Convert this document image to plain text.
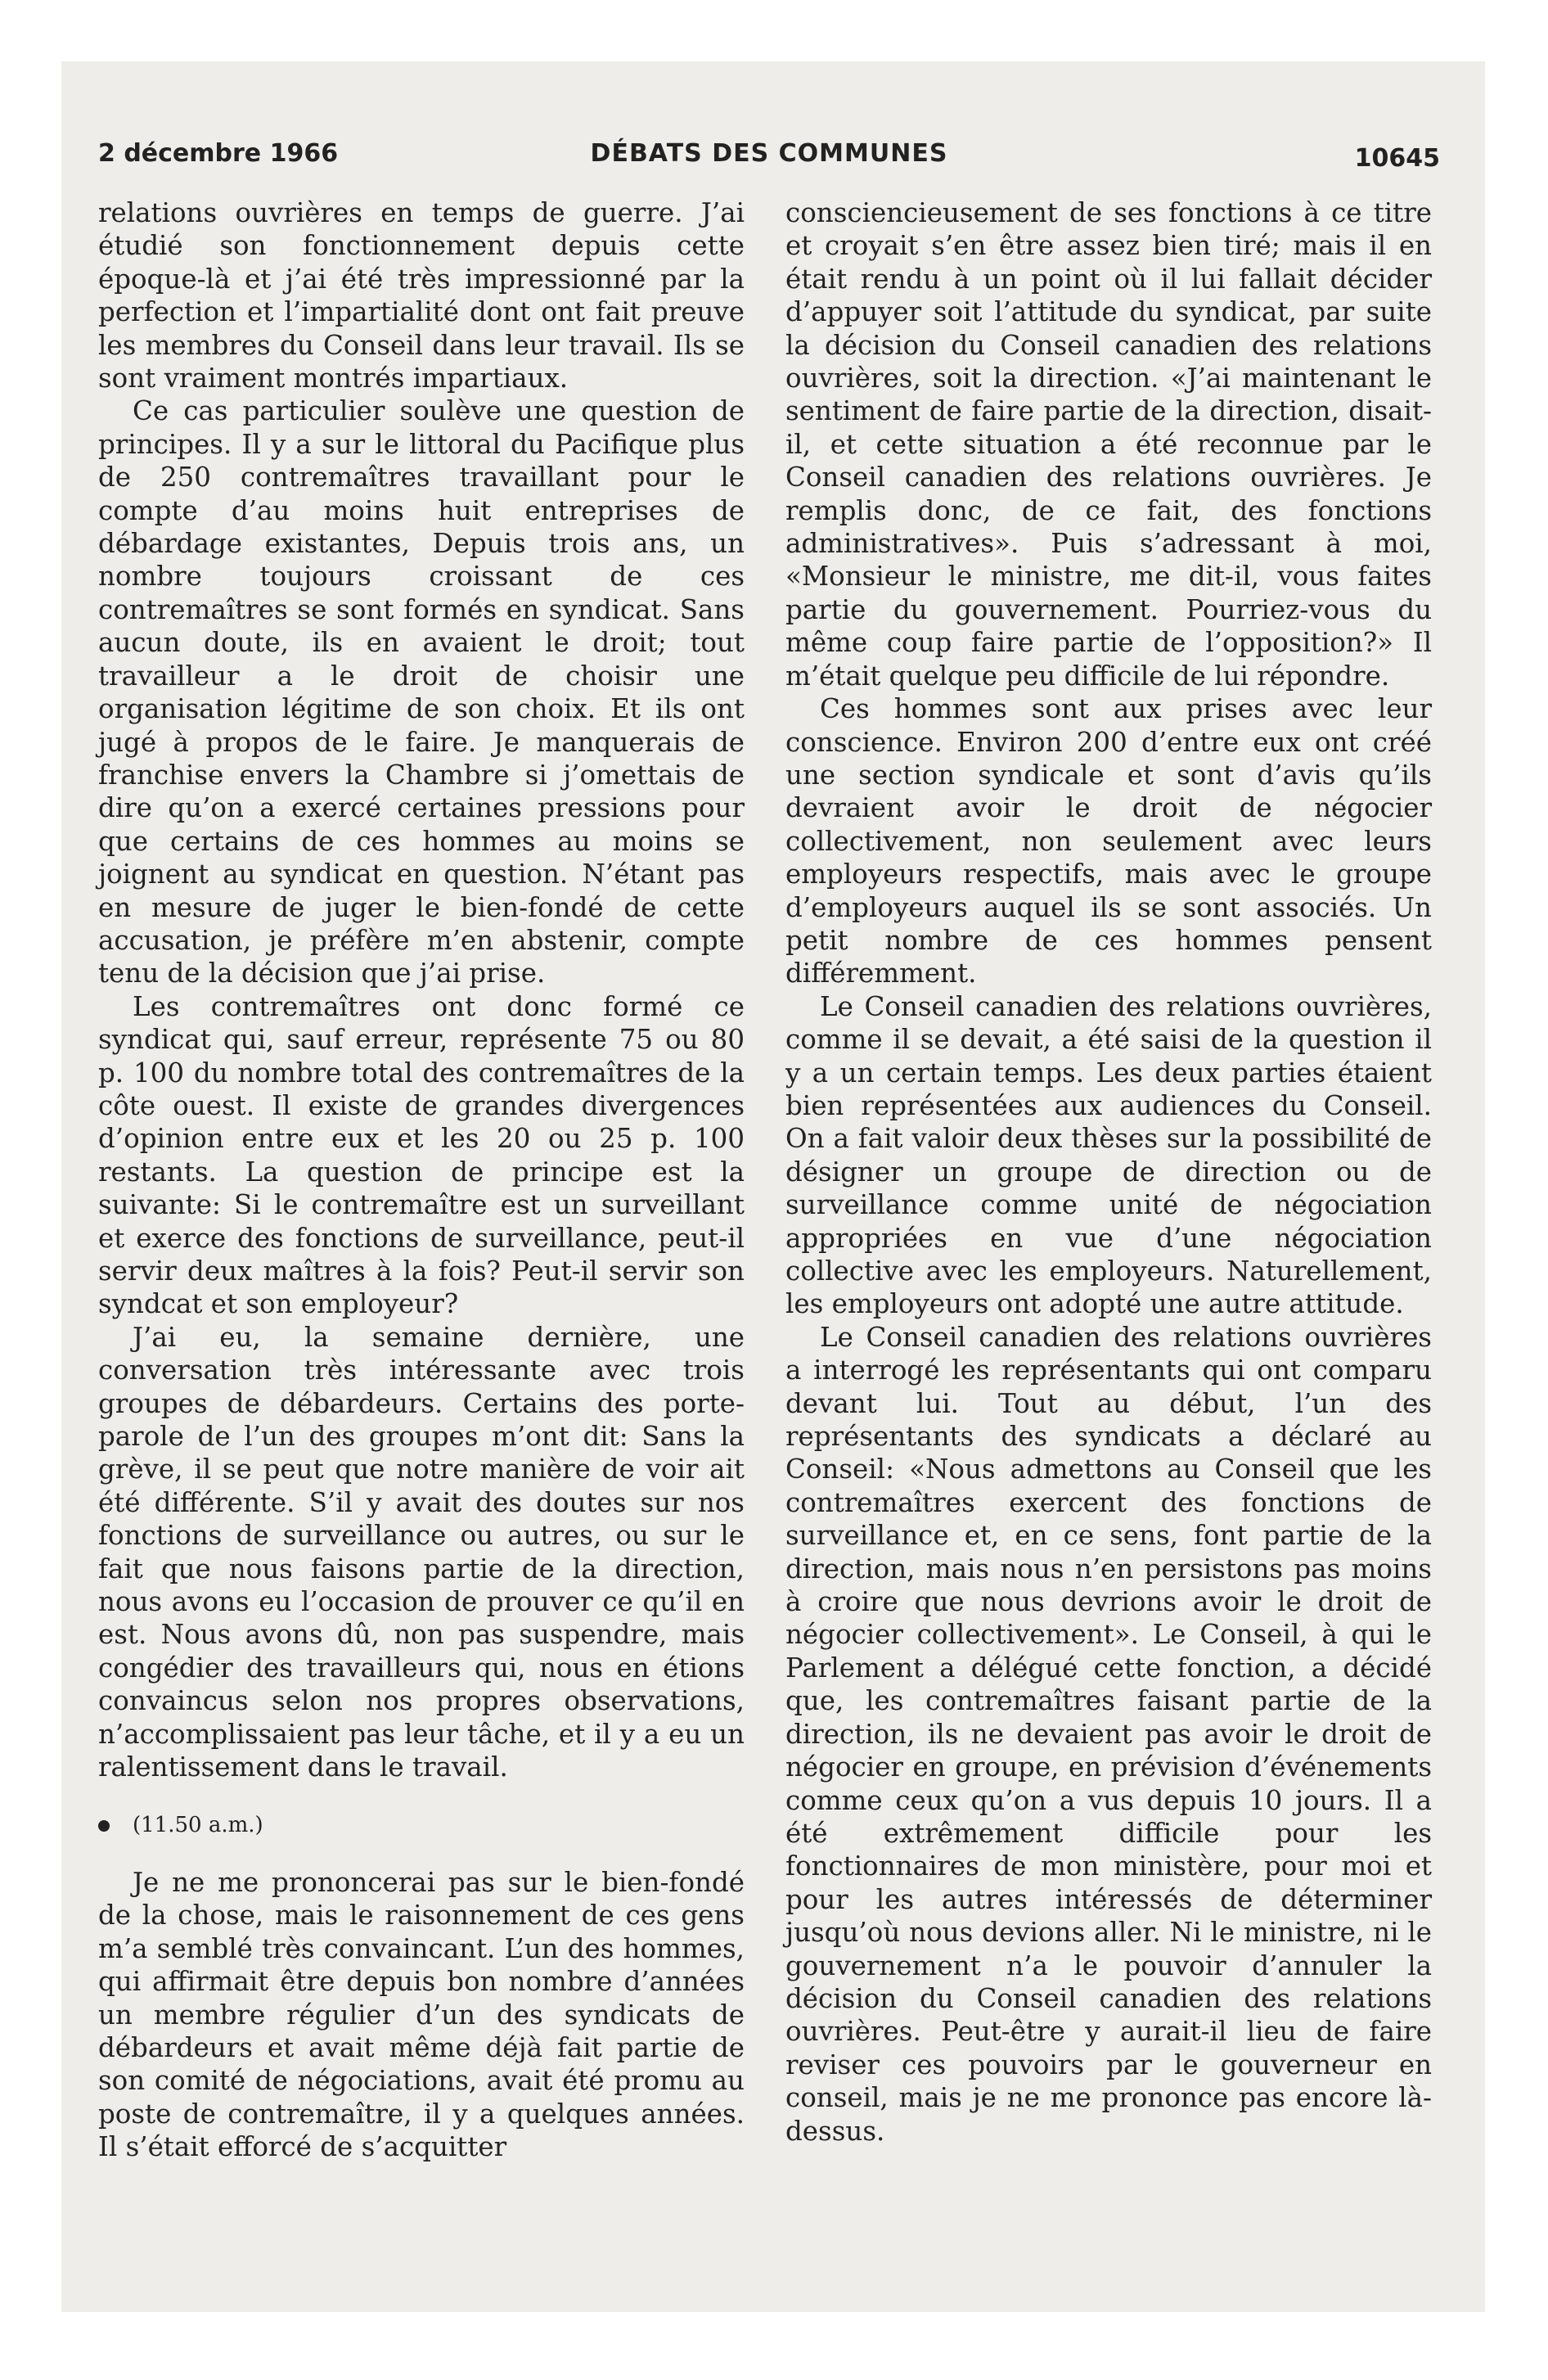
2 décembre 1966	DÉBATS DES COMMUNES	10645

relations ouvrières en temps de guerre. J’ai étudié son fonctionnement depuis cette époque-là et j’ai été très impressionné par la perfection et l’impartialité dont ont fait preuve les membres du Conseil dans leur travail. Ils se sont vraiment montrés impartiaux.

Ce cas particulier soulève une question de principes. Il y a sur le littoral du Pacifique plus de 250 contremaîtres travaillant pour le compte d’au moins huit entreprises de débardage existantes, Depuis trois ans, un nombre toujours croissant de ces contremaîtres se sont formés en syndicat. Sans aucun doute, ils en avaient le droit; tout travailleur a le droit de choisir une organisation légitime de son choix. Et ils ont jugé à propos de le faire. Je manquerais de franchise envers la Chambre si j’omettais de dire qu’on a exercé certaines pressions pour que certains de ces hommes au moins se joignent au syndicat en question. N’étant pas en mesure de juger le bien-fondé de cette accusation, je préfère m’en abstenir, compte tenu de la décision que j’ai prise.

Les contremaîtres ont donc formé ce syndicat qui, sauf erreur, représente 75 ou 80 p. 100 du nombre total des contremaîtres de la côte ouest. Il existe de grandes divergences d’opinion entre eux et les 20 ou 25 p. 100 restants. La question de principe est la suivante: Si le contremaître est un surveillant et exerce des fonctions de surveillance, peut-il servir deux maîtres à la fois? Peut-il servir son syndcat et son employeur?

J’ai eu, la semaine dernière, une conversation très intéressante avec trois groupes de débardeurs. Certains des porte-parole de l’un des groupes m’ont dit: Sans la grève, il se peut que notre manière de voir ait été différente. S’il y avait des doutes sur nos fonctions de surveillance ou autres, ou sur le fait que nous faisons partie de la direction, nous avons eu l’occasion de prouver ce qu’il en est. Nous avons dû, non pas suspendre, mais congédier des travailleurs qui, nous en étions convaincus selon nos propres observations, n’accomplissaient pas leur tâche, et il y a eu un ralentissement dans le travail.

(11.50 a.m.)

Je ne me prononcerai pas sur le bien-fondé de la chose, mais le raisonnement de ces gens m’a semblé très convaincant. L’un des hommes, qui affirmait être depuis bon nombre d’années un membre régulier d’un des syndicats de débardeurs et avait même déjà fait partie de son comité de négociations, avait été promu au poste de contremaître, il y a quelques années. Il s’était efforcé de s’acquitter

consciencieusement de ses fonctions à ce titre et croyait s’en être assez bien tiré; mais il en était rendu à un point où il lui fallait décider d’appuyer soit l’attitude du syndicat, par suite la décision du Conseil canadien des relations ouvrières, soit la direction. «J’ai maintenant le sentiment de faire partie de la direction, disait-il, et cette situation a été reconnue par le Conseil canadien des relations ouvrières. Je remplis donc, de ce fait, des fonctions administratives». Puis s’adressant à moi, «Monsieur le ministre, me dit-il, vous faites partie du gouvernement. Pourriez-vous du même coup faire partie de l’opposition?» Il m’était quelque peu difficile de lui répondre.

Ces hommes sont aux prises avec leur conscience. Environ 200 d’entre eux ont créé une section syndicale et sont d’avis qu’ils devraient avoir le droit de négocier collectivement, non seulement avec leurs employeurs respectifs, mais avec le groupe d’employeurs auquel ils se sont associés. Un petit nombre de ces hommes pensent différemment.

Le Conseil canadien des relations ouvrières, comme il se devait, a été saisi de la question il y a un certain temps. Les deux parties étaient bien représentées aux audiences du Conseil. On a fait valoir deux thèses sur la possibilité de désigner un groupe de direction ou de surveillance comme unité de négociation appropriées en vue d’une négociation collective avec les employeurs. Naturellement, les employeurs ont adopté une autre attitude.

Le Conseil canadien des relations ouvrières a interrogé les représentants qui ont comparu devant lui. Tout au début, l’un des représentants des syndicats a déclaré au Conseil: «Nous admettons au Conseil que les contremaîtres exercent des fonctions de surveillance et, en ce sens, font partie de la direction, mais nous n’en persistons pas moins à croire que nous devrions avoir le droit de négocier collectivement». Le Conseil, à qui le Parlement a délégué cette fonction, a décidé que, les contremaîtres faisant partie de la direction, ils ne devaient pas avoir le droit de négocier en groupe, en prévision d’événements comme ceux qu’on a vus depuis 10 jours. Il a été extrêmement difficile pour les fonctionnaires de mon ministère, pour moi et pour les autres intéressés de déterminer jusqu’où nous devions aller. Ni le ministre, ni le gouvernement n’a le pouvoir d’annuler la décision du Conseil canadien des relations ouvrières. Peut-être y aurait-il lieu de faire reviser ces pouvoirs par le gouverneur en conseil, mais je ne me prononce pas encore là-dessus.
